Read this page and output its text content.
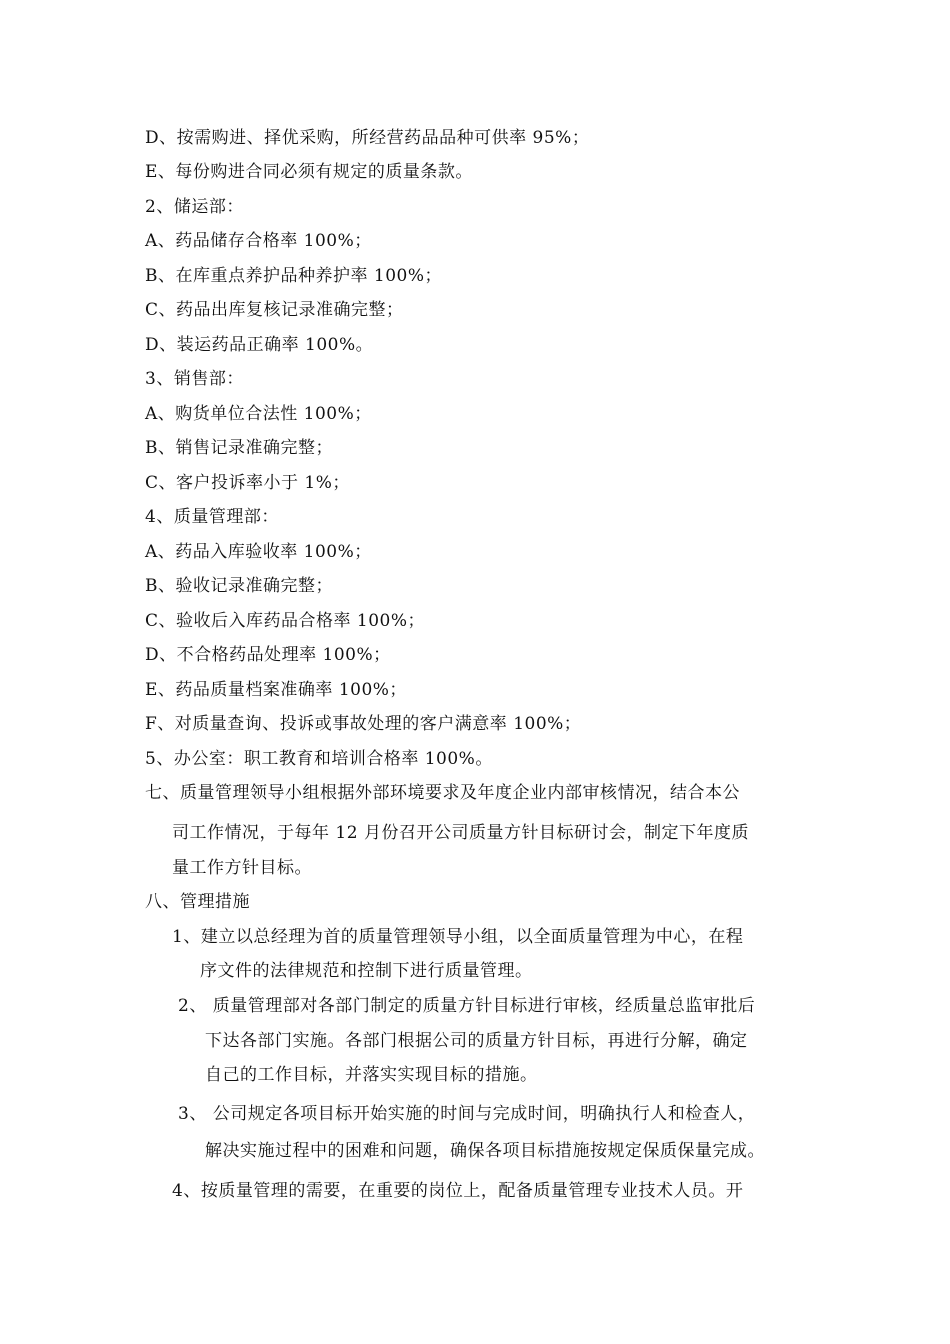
D、按需购进、择优采购，所经营药品品种可供率 95%；
E、每份购进合同必须有规定的质量条款。
2、储运部：
A、药品储存合格率 100%；
B、在库重点养护品种养护率 100%；
C、药品出库复核记录准确完整；
D、装运药品正确率 100%。
3、销售部：
A、购货单位合法性 100%；
B、销售记录准确完整；
C、客户投诉率小于 1%；
4、质量管理部：
A、药品入库验收率 100%；
B、验收记录准确完整；
C、验收后入库药品合格率 100%；
D、不合格药品处理率 100%；
E、药品质量档案准确率 100%；
F、对质量查询、投诉或事故处理的客户满意率 100%；
5、办公室：职工教育和培训合格率 100%。
七、质量管理领导小组根据外部环境要求及年度企业内部审核情况，结合本公
司工作情况，于每年 12 月份召开公司质量方针目标研讨会，制定下年度质
量工作方针目标。
八、管理措施
1、建立以总经理为首的质量管理领导小组，以全面质量管理为中心，在程
序文件的法律规范和控制下进行质量管理。
2、 质量管理部对各部门制定的质量方针目标进行审核，经质量总监审批后
下达各部门实施。各部门根据公司的质量方针目标，再进行分解，确定
自己的工作目标，并落实实现目标的措施。
3、 公司规定各项目标开始实施的时间与完成时间，明确执行人和检查人，
解决实施过程中的困难和问题，确保各项目标措施按规定保质保量完成。
4、按质量管理的需要，在重要的岗位上，配备质量管理专业技术人员。开
